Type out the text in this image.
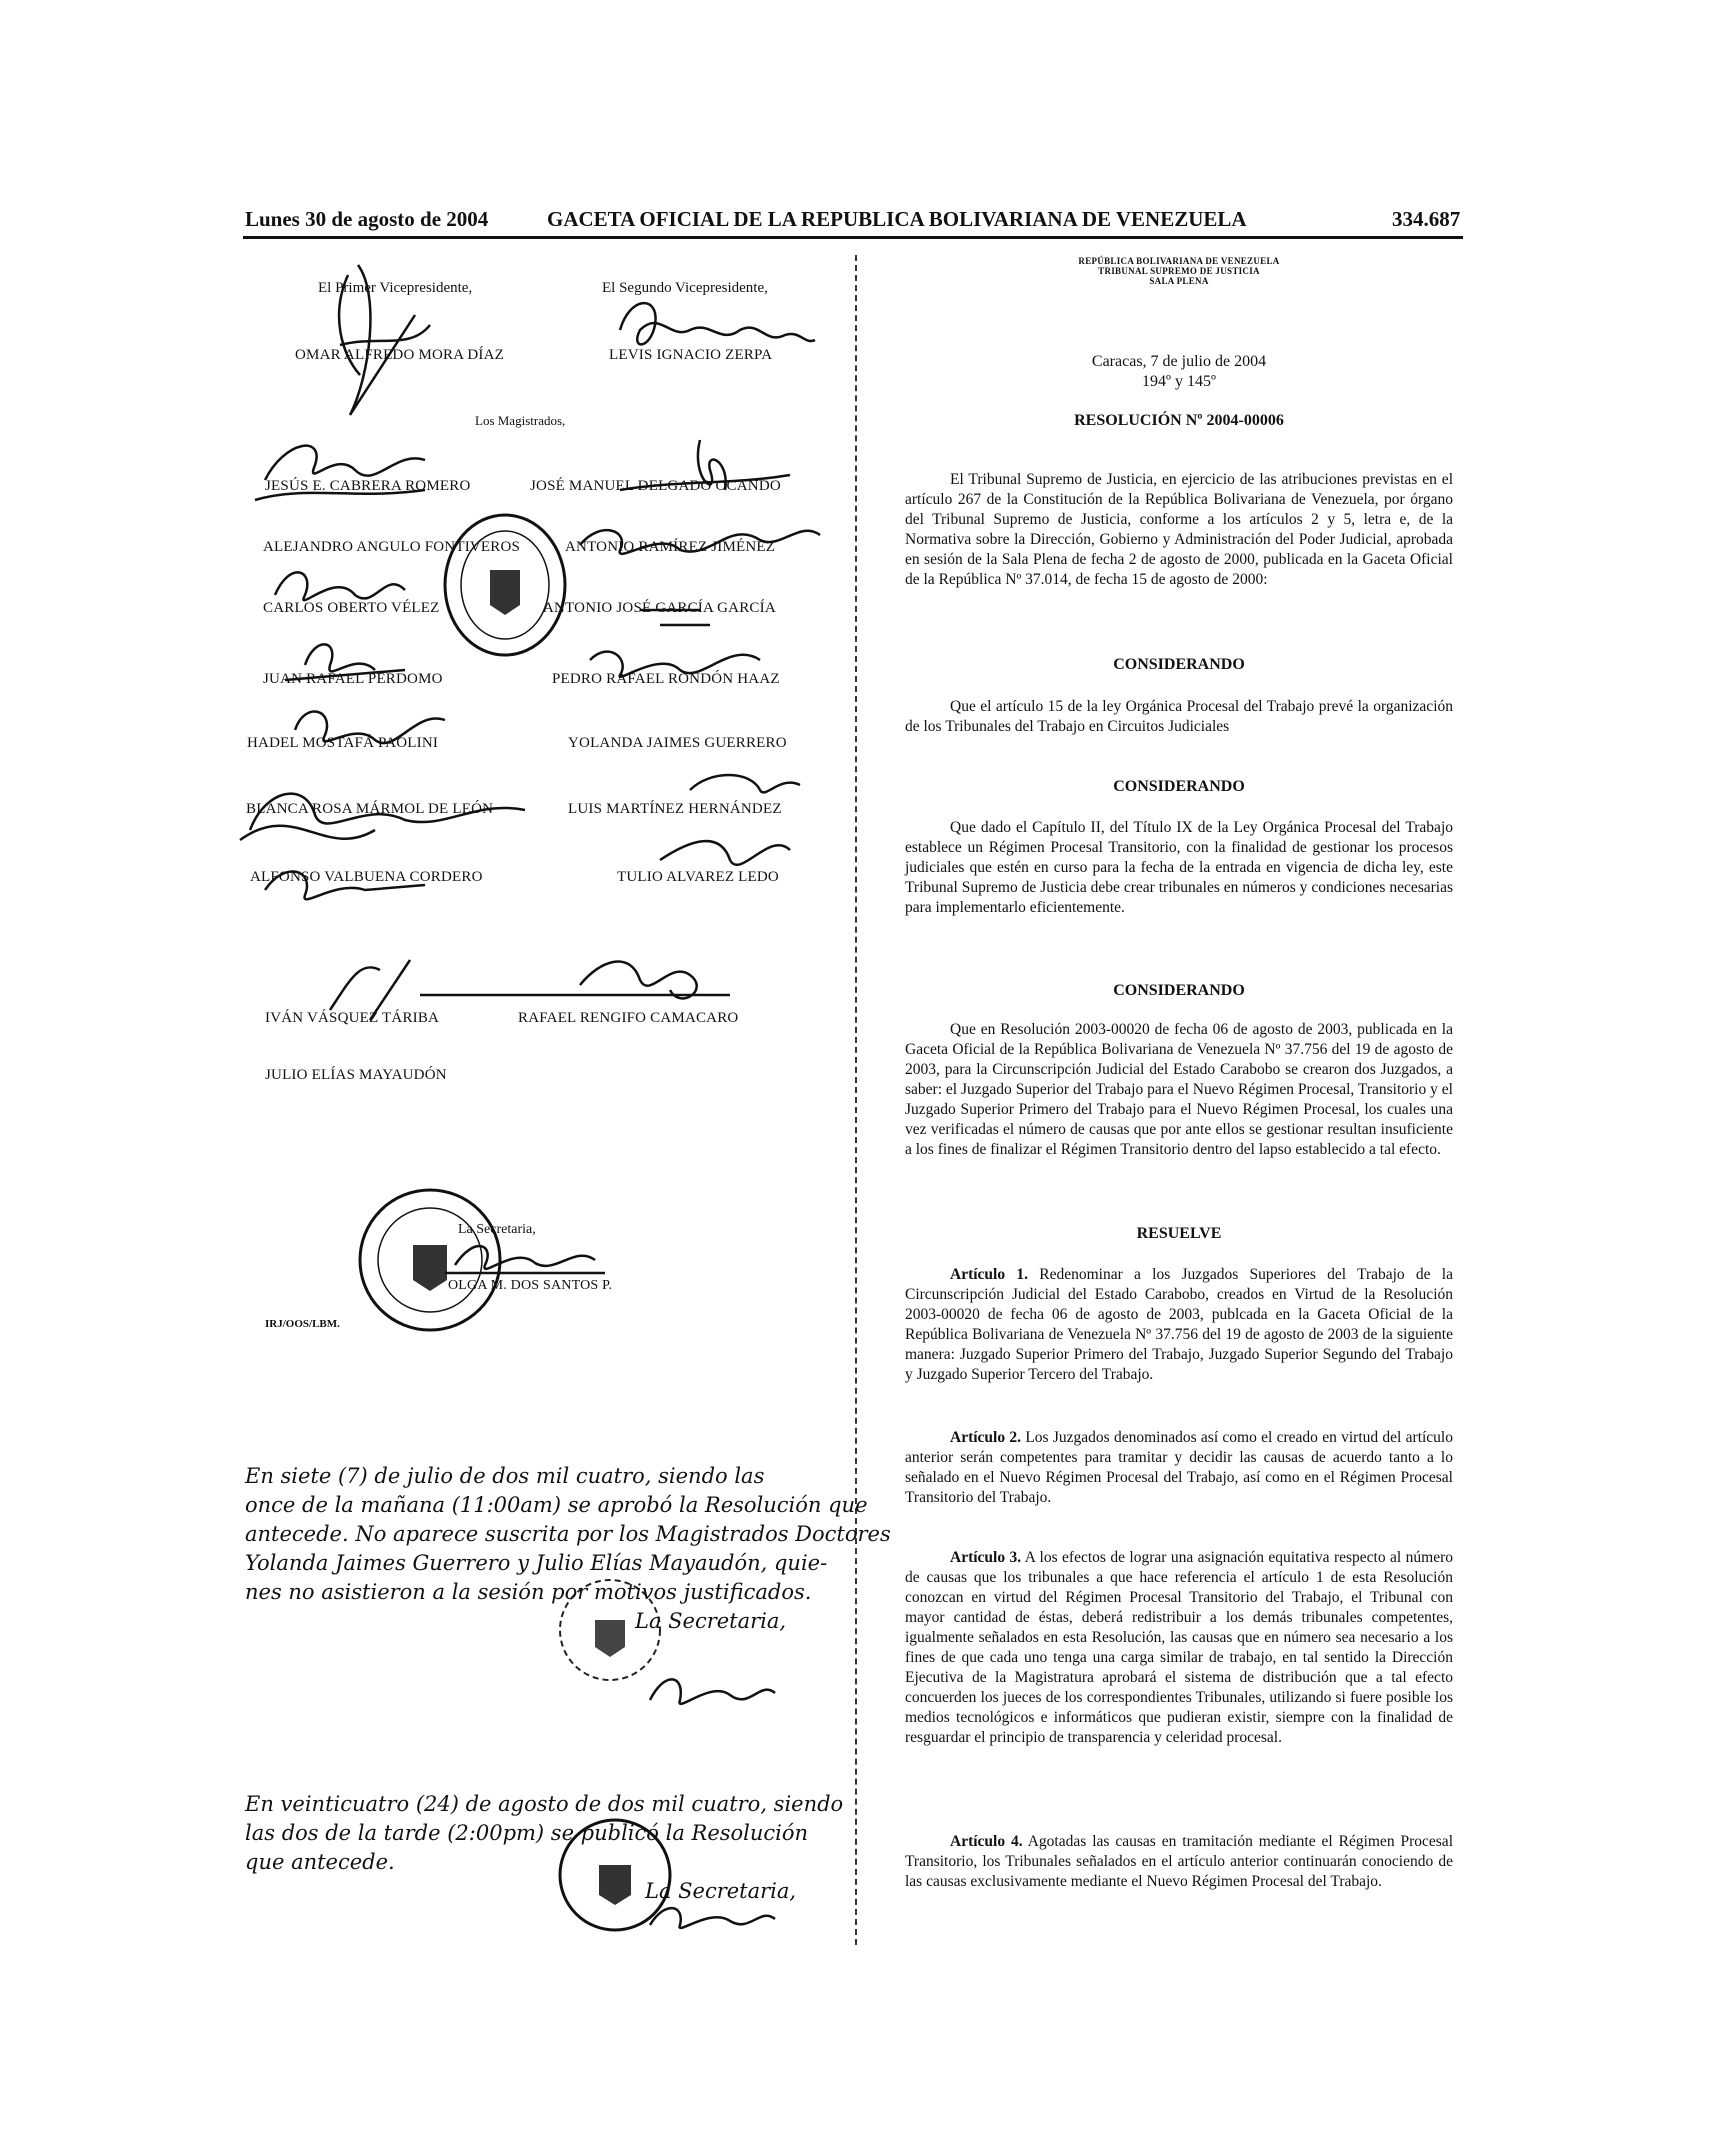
Lunes 30 de agosto de 2004	GACETA OFICIAL DE LA REPUBLICA BOLIVARIANA DE VENEZUELA	334.687
El Primer Vicepresidente,
OMAR ALFREDO MORA DÍAZ
El Segundo Vicepresidente,
LEVIS IGNACIO ZERPA
Los Magistrados,
JESÚS E. CABRERA ROMERO	JOSÉ MANUEL DELGADO OCANDO
ALEJANDRO ANGULO FONTIVEROS	ANTONIO RAMÍREZ JIMÉNEZ
CARLOS OBERTO VÉLEZ	ANTONIO JOSÉ GARCÍA GARCÍA
JUAN RAFAEL PERDOMO	PEDRO RAFAEL RONDÓN HAAZ
HADEL MOSTAFÁ PAOLINI	YOLANDA JAIMES GUERRERO
BLANCA ROSA MÁRMOL DE LEÓN	LUIS MARTÍNEZ HERNÁNDEZ
ALFONSO VALBUENA CORDERO	TULIO ALVAREZ LEDO
IVÁN VÁSQUEZ TÁRIBA	RAFAEL RENGIFO CAMACARO
JULIO ELÍAS MAYAUDÓN
La Secretaria,
OLGA M. DOS SANTOS P.
IRJ/OOS/LBM.
En siete (7) de julio de dos mil cuatro, siendo las
once de la mañana (11:00am) se aprobó la Resolución que
antecede. No aparece suscrita por los Magistrados Doctores
Yolanda Jaimes Guerrero y Julio Elías Mayaudón, quie-
nes no asistieron a la sesión por motivos justificados.
La Secretaria,
En veinticuatro (24) de agosto de dos mil cuatro, siendo
las dos de la tarde (2:00pm) se publicó la Resolución
que antecede.
La Secretaria,
REPÚBLICA BOLIVARIANA DE VENEZUELA
TRIBUNAL SUPREMO DE JUSTICIA
SALA PLENA
Caracas, 7 de julio de 2004
194º y 145º
RESOLUCIÓN Nº 2004-00006

El Tribunal Supremo de Justicia, en ejercicio de las atribuciones previstas en el artículo 267 de la Constitución de la República Bolivariana de Venezuela, por órgano del Tribunal Supremo de Justicia, conforme a los artículos 2 y 5, letra e, de la Normativa sobre la Dirección, Gobierno y Administración del Poder Judicial, aprobada en sesión de la Sala Plena de fecha 2 de agosto de 2000, publicada en la Gaceta Oficial de la República Nº 37.014, de fecha 15 de agosto de 2000:

CONSIDERANDO

Que el artículo 15 de la ley Orgánica Procesal del Trabajo prevé la organización de los Tribunales del Trabajo en Circuitos Judiciales

CONSIDERANDO

Que dado el Capítulo II, del Título IX de la Ley Orgánica Procesal del Trabajo establece un Régimen Procesal Transitorio, con la finalidad de gestionar los procesos judiciales que estén en curso para la fecha de la entrada en vigencia de dicha ley, este Tribunal Supremo de Justicia debe crear tribunales en números y condiciones necesarias para implementarlo eficientemente.

CONSIDERANDO

Que en Resolución 2003-00020 de fecha 06 de agosto de 2003, publicada en la Gaceta Oficial de la República Bolivariana de Venezuela Nº 37.756 del 19 de agosto de 2003, para la Circunscripción Judicial del Estado Carabobo se crearon dos Juzgados, a saber: el Juzgado Superior del Trabajo para el Nuevo Régimen Procesal, Transitorio y el Juzgado Superior Primero del Trabajo para el Nuevo Régimen Procesal, los cuales una vez verificadas el número de causas que por ante ellos se gestionar resultan insuficiente a los fines de finalizar el Régimen Transitorio dentro del lapso establecido a tal efecto.

RESUELVE

Artículo 1. Redenominar a los Juzgados Superiores del Trabajo de la Circunscripción Judicial del Estado Carabobo, creados en Virtud de la Resolución 2003-00020 de fecha 06 de agosto de 2003, publcada en la Gaceta Oficial de la República Bolivariana de Venezuela Nº 37.756 del 19 de agosto de 2003 de la siguiente manera: Juzgado Superior Primero del Trabajo, Juzgado Superior Segundo del Trabajo y Juzgado Superior Tercero del Trabajo.

Artículo 2. Los Juzgados denominados así como el creado en virtud del artículo anterior serán competentes para tramitar y decidir las causas de acuerdo tanto a lo señalado en el Nuevo Régimen Procesal del Trabajo, así como en el Régimen Procesal Transitorio del Trabajo.

Artículo 3. A los efectos de lograr una asignación equitativa respecto al número de causas que los tribunales a que hace referencia el artículo 1 de esta Resolución conozcan en virtud del Régimen Procesal Transitorio del Trabajo, el Tribunal con mayor cantidad de éstas, deberá redistribuir a los demás tribunales competentes, igualmente señalados en esta Resolución, las causas que en número sea necesario a los fines de que cada uno tenga una carga similar de trabajo, en tal sentido la Dirección Ejecutiva de la Magistratura aprobará el sistema de distribución que a tal efecto concuerden los jueces de los correspondientes Tribunales, utilizando si fuere posible los medios tecnológicos e informáticos que pudieran existir, siempre con la finalidad de resguardar el principio de transparencia y celeridad procesal.

Artículo 4. Agotadas las causas en tramitación mediante el Régimen Procesal Transitorio, los Tribunales señalados en el artículo anterior continuarán conociendo de las causas exclusivamente mediante el Nuevo Régimen Procesal del Trabajo.
